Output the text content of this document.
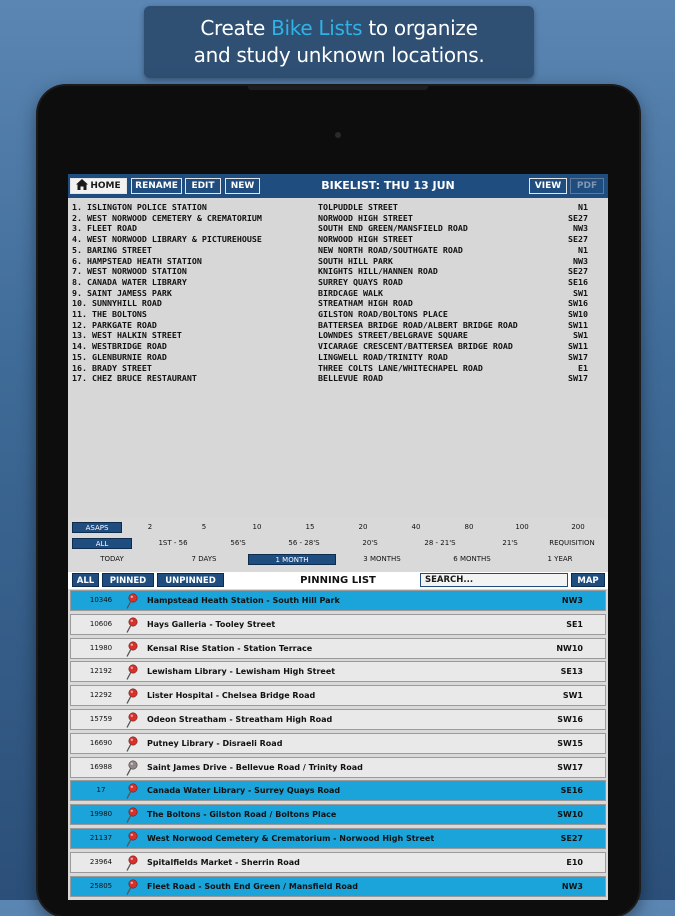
Create Bike Lists to organize
and study unknown locations.
HOME	RENAME	EDIT	NEW	BIKELIST: THU 13 JUN	VIEW	PDF
1. ISLINGTON POLICE STATION	TOLPUDDLE STREET	N1
2. WEST NORWOOD CEMETERY & CREMATORIUM	NORWOOD HIGH STREET	SE27
3. FLEET ROAD	SOUTH END GREEN/MANSFIELD ROAD	NW3
4. WEST NORWOOD LIBRARY & PICTUREHOUSE	NORWOOD HIGH STREET	SE27
5. BARING STREET	NEW NORTH ROAD/SOUTHGATE ROAD	N1
6. HAMPSTEAD HEATH STATION	SOUTH HILL PARK	NW3
7. WEST NORWOOD STATION	KNIGHTS HILL/HANNEN ROAD	SE27
8. CANADA WATER LIBRARY	SURREY QUAYS ROAD	SE16
9. SAINT JAMESS PARK	BIRDCAGE WALK	SW1
10. SUNNYHILL ROAD	STREATHAM HIGH ROAD	SW16
11. THE BOLTONS	GILSTON ROAD/BOLTONS PLACE	SW10
12. PARKGATE ROAD	BATTERSEA BRIDGE ROAD/ALBERT BRIDGE ROAD	SW11
13. WEST HALKIN STREET	LOWNDES STREET/BELGRAVE SQUARE	SW1
14. WESTBRIDGE ROAD	VICARAGE CRESCENT/BATTERSEA BRIDGE ROAD	SW11
15. GLENBURNIE ROAD	LINGWELL ROAD/TRINITY ROAD	SW17
16. BRADY STREET	THREE COLTS LANE/WHITECHAPEL ROAD	E1
17. CHEZ BRUCE RESTAURANT	BELLEVUE ROAD	SW17
ASAPS	2	5	10	15	20	40	80	100	200
ALL	1ST - 56	56'S	56 - 28'S	20'S	28 - 21'S	21'S	REQUISITION
TODAY	7 DAYS	1 MONTH	3 MONTHS	6 MONTHS	1 YEAR
ALL	PINNED	UNPINNED	PINNING LIST	SEARCH...	MAP
10346	Hampstead Heath Station - South Hill Park	NW3
10606	Hays Galleria - Tooley Street	SE1
11980	Kensal Rise Station - Station Terrace	NW10
12192	Lewisham Library - Lewisham High Street	SE13
12292	Lister Hospital - Chelsea Bridge Road	SW1
15759	Odeon Streatham - Streatham High Road	SW16
16690	Putney Library - Disraeli Road	SW15
16988	Saint James Drive - Bellevue Road / Trinity Road	SW17
17	Canada Water Library - Surrey Quays Road	SE16
19980	The Boltons - Gilston Road / Boltons Place	SW10
21137	West Norwood Cemetery & Crematorium - Norwood High Street	SE27
23964	Spitalfields Market - Sherrin Road	E10
25805	Fleet Road - South End Green / Mansfield Road	NW3
